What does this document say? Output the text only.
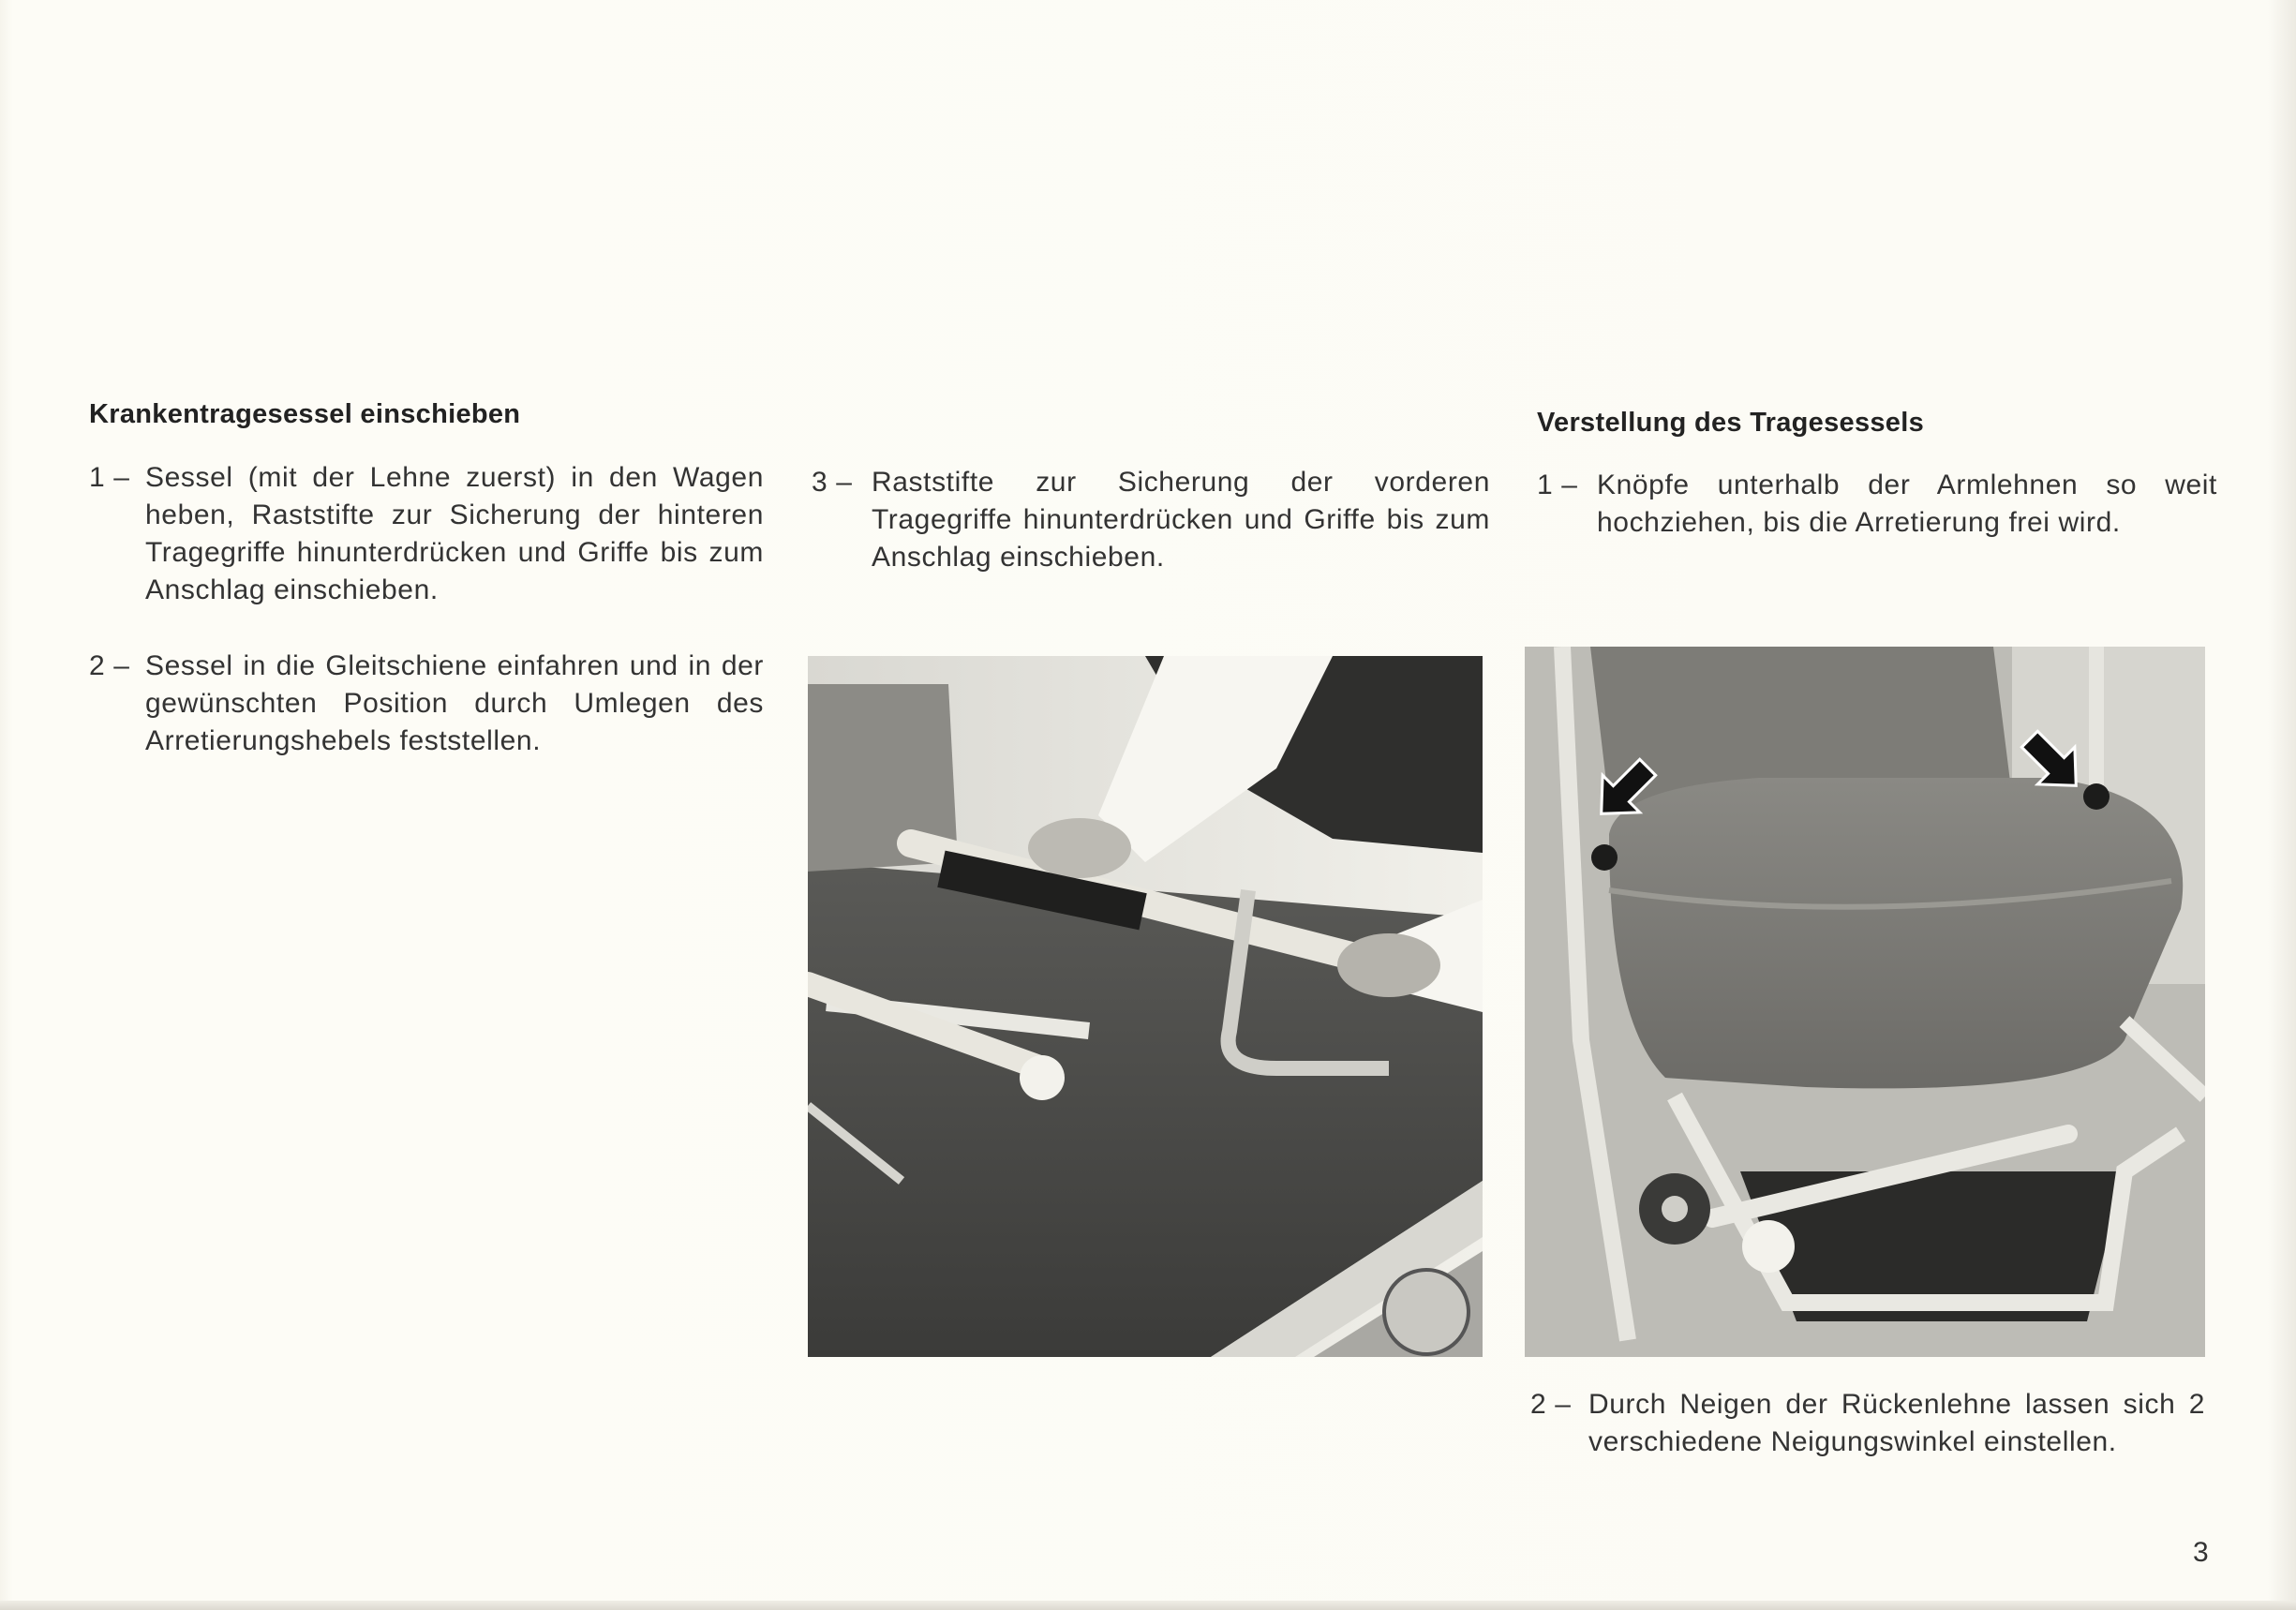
Krankentragesessel einschieben
1 – Sessel (mit der Lehne zuerst) in den Wagen heben, Raststifte zur Sicherung der hinteren Tragegriffe hinunterdrücken und Griffe bis zum Anschlag einschieben.
2 – Sessel in die Gleitschiene einfahren und in der gewünschten Position durch Umlegen des Arretierungshebels feststellen.
3 – Raststifte zur Sicherung der vorderen Tragegriffe hinunterdrücken und Griffe bis zum Anschlag einschieben.
Verstellung des Tragesessels
1 – Knöpfe unterhalb der Armlehnen so weit hochziehen, bis die Arretierung frei wird.
2 – Durch Neigen der Rückenlehne lassen sich 2 verschiedene Neigungswinkel einstellen.
3
